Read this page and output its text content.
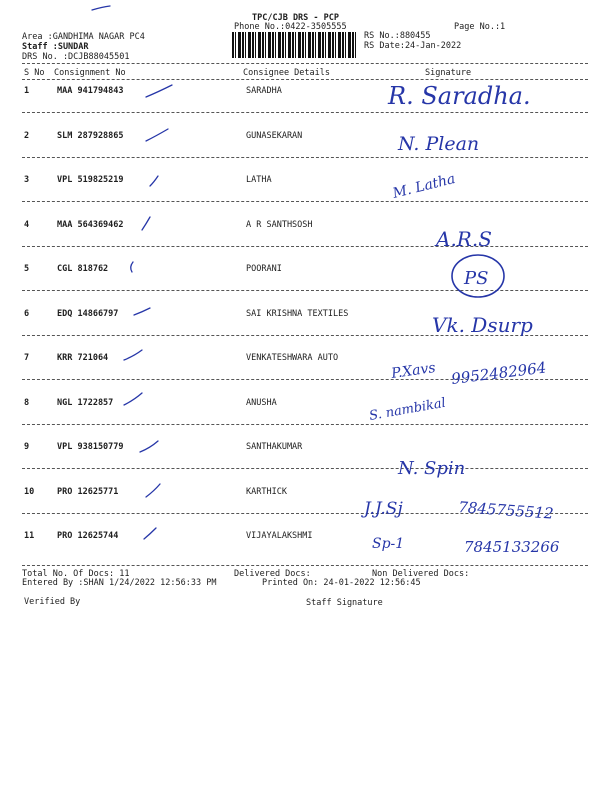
TPC/CJB DRS - PCP
Phone No.:0422-3505555	Page No.:1
Area :GANDHIMA NAGAR PC4
Staff :SUNDAR
DRS No. :DCJB88045501
RS No.:880455
RS Date:24-Jan-2022
S No Consignment No	Consignee Details	Signature
1	MAA 941794843	SARADHA
2	SLM 287928865	GUNASEKARAN
3	VPL 519825219	LATHA
4	MAA 564369462	A R SANTHSOSH
5	CGL 818762	POORANI
6	EDQ 14866797	SAI KRISHNA TEXTILES
7	KRR 721064	VENKATESHWARA AUTO
8	NGL 1722857	ANUSHA
9	VPL 938150779	SANTHAKUMAR
10	PRO 12625771	KARTHICK
11	PRO 12625744	VIJAYALAKSHMI
Total No. Of Docs: 11	Delivered Docs:	Non Delivered Docs:
Entered By :SHAN 1/24/2022 12:56:33 PM	Printed On: 24-01-2022 12:56:45
Verified By	Staff Signature
R. Saradha.
N. Plean
M. Latha
A.R.S
PS
Vk. Dsurp
P.Xavs 9952482964
S. nambikal
N. Spin
J.J.Sj	7845755512
Sp-1	7845133266
